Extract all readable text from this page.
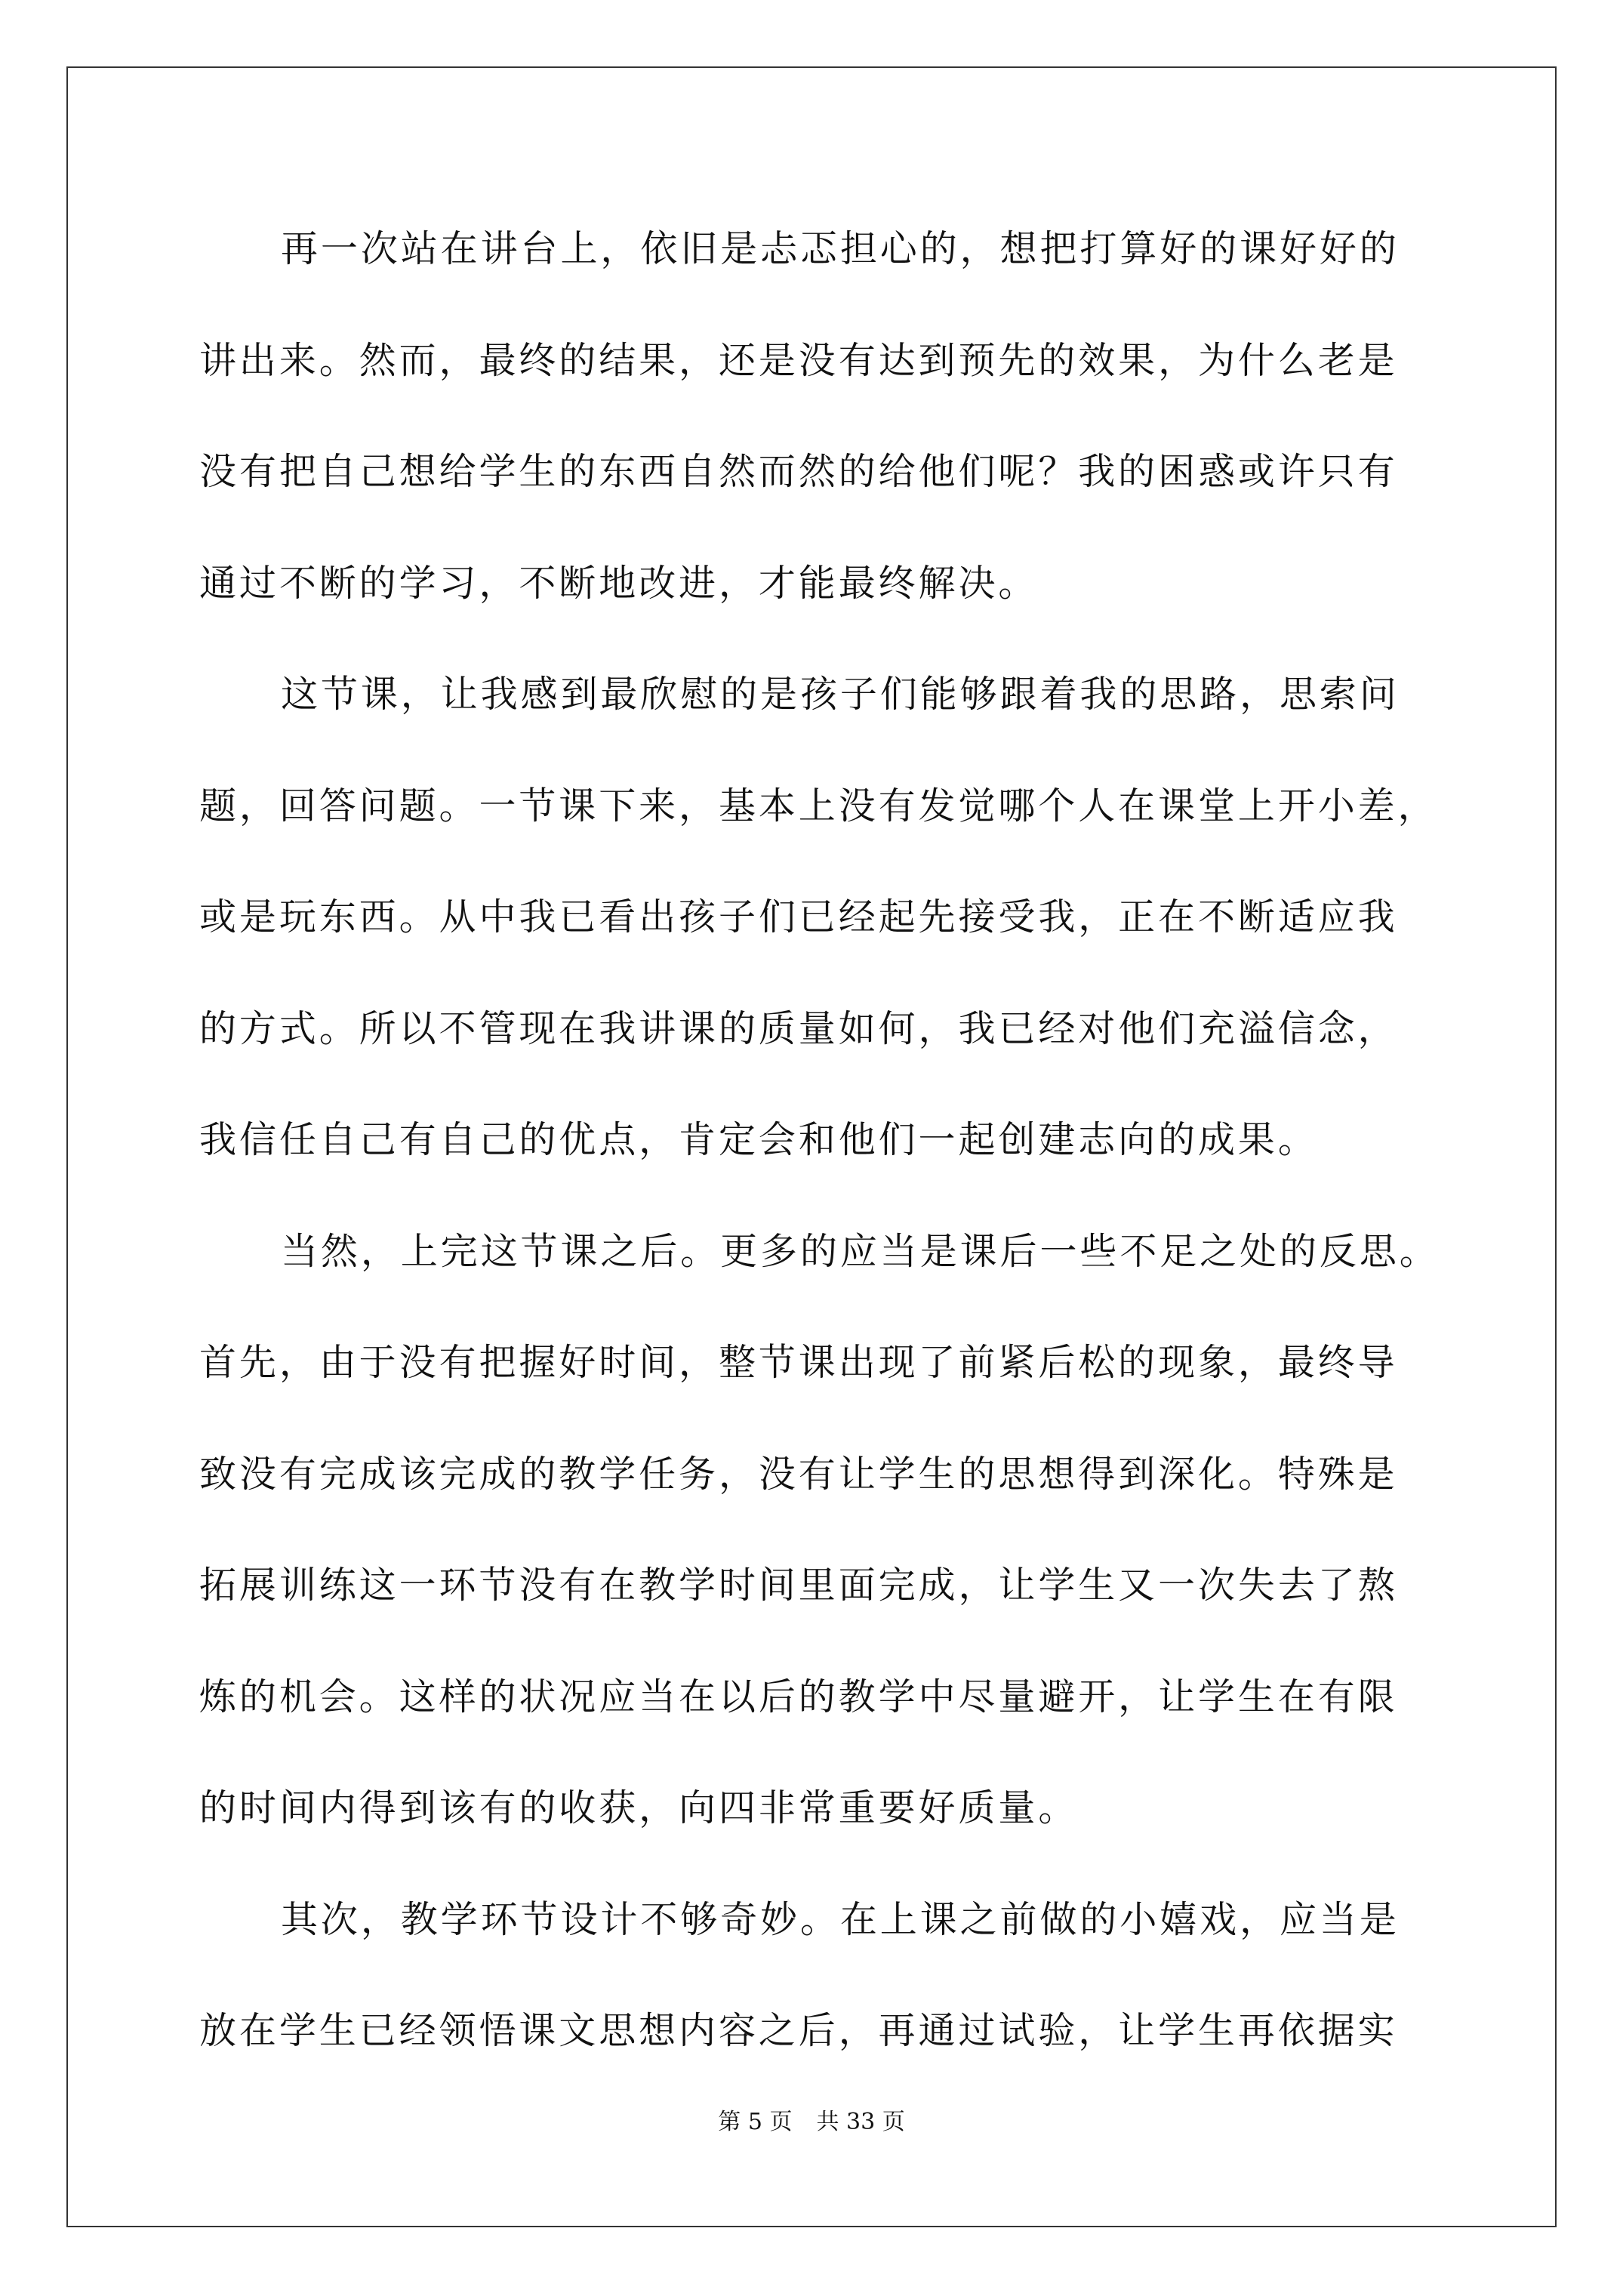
再一次站在讲台上，依旧是忐忑担心的，想把打算好的课好好的
讲出来。然而，最终的结果，还是没有达到预先的效果，为什么老是
没有把自己想给学生的东西自然而然的给他们呢？我的困惑或许只有
通过不断的学习，不断地改进，才能最终解决。
这节课，让我感到最欣慰的是孩子们能够跟着我的思路，思索问
题，回答问题。一节课下来，基本上没有发觉哪个人在课堂上开小差，
或是玩东西。从中我已看出孩子们已经起先接受我，正在不断适应我
的方式。所以不管现在我讲课的质量如何，我已经对他们充溢信念，
我信任自己有自己的优点，肯定会和他们一起创建志向的成果。
当然，上完这节课之后。更多的应当是课后一些不足之处的反思。
首先，由于没有把握好时间，整节课出现了前紧后松的现象，最终导
致没有完成该完成的教学任务，没有让学生的思想得到深化。特殊是
拓展训练这一环节没有在教学时间里面完成，让学生又一次失去了熬
炼的机会。这样的状况应当在以后的教学中尽量避开，让学生在有限
的时间内得到该有的收获，向四非常重要好质量。
其次，教学环节设计不够奇妙。在上课之前做的小嬉戏，应当是
放在学生已经领悟课文思想内容之后，再通过试验，让学生再依据实
第 5 页 共 33 页
